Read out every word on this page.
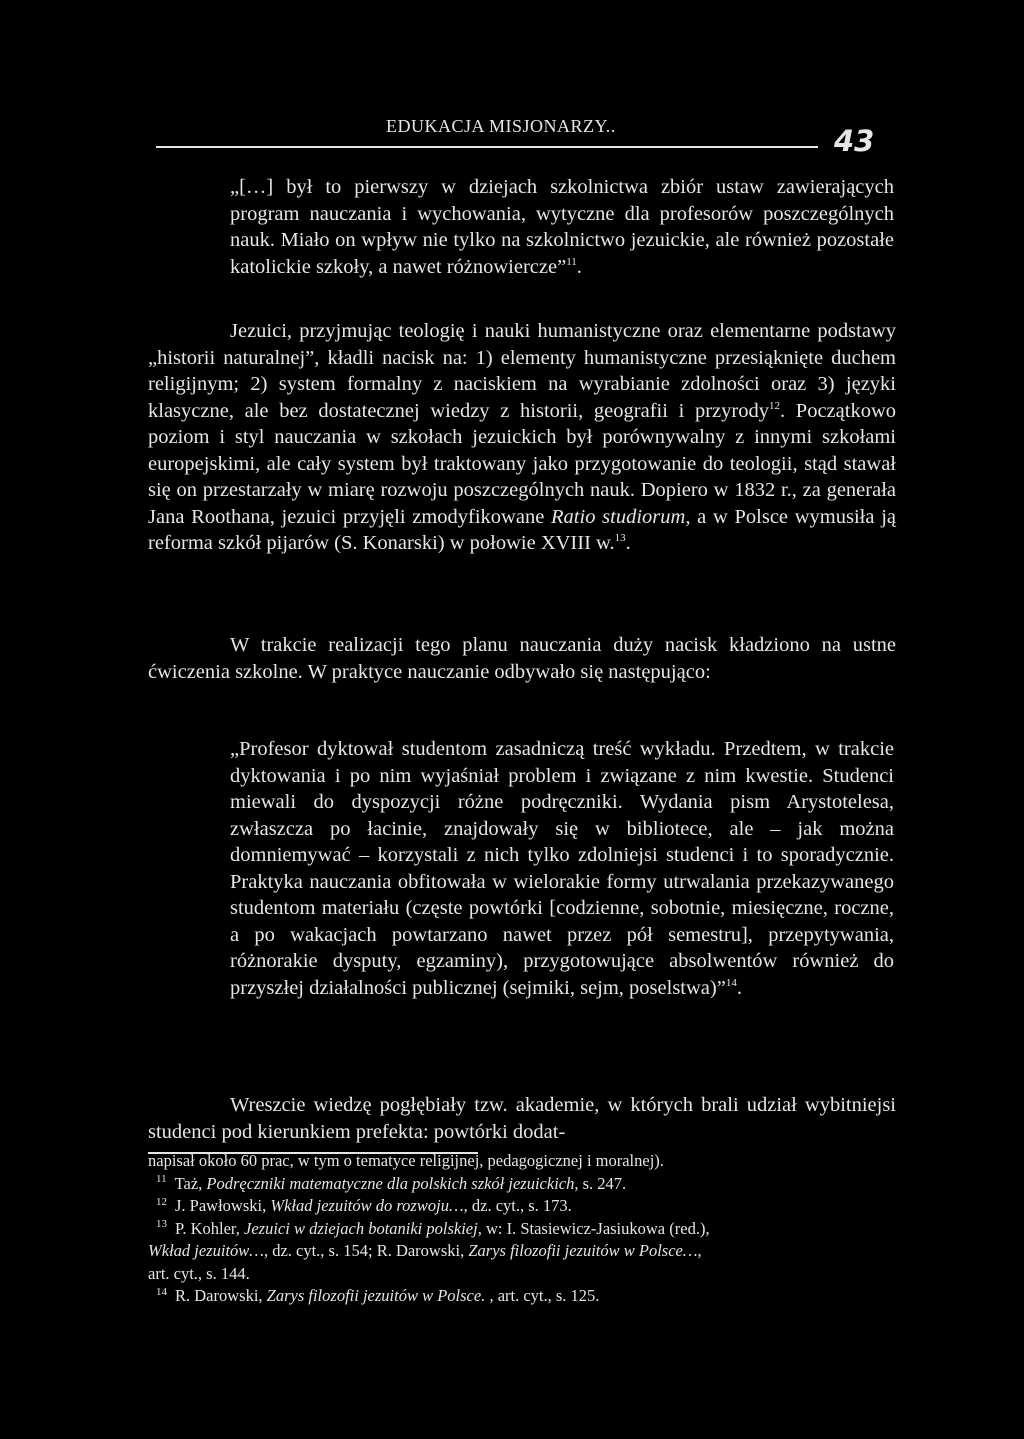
EDUKACJA MISJONARZY..	43

„[…] był to pierwszy w dziejach szkolnictwa zbiór ustaw zawierających program nauczania i wychowania, wytyczne dla profesorów poszczególnych nauk. Miało on wpływ nie tylko na szkolnictwo jezuickie, ale również pozostałe katolickie szkoły, a nawet różnowiercze”$^{11}$.

Jezuici, przyjmując teologię i nauki humanistyczne oraz elementarne podstawy „historii naturalnej”, kładli nacisk na: 1) elementy humanistyczne przesiąknięte duchem religijnym; 2) system formalny z naciskiem na wyrabianie zdolności oraz 3) języki klasyczne, ale bez dostatecznej wiedzy z historii, geografii i przyrody$^{12}$. Początkowo poziom i styl nauczania w szkołach jezuickich był porównywalny z innymi szkołami europejskimi, ale cały system był traktowany jako przygotowanie do teologii, stąd stawał się on przestarzały w miarę rozwoju poszczególnych nauk. Dopiero w 1832 r., za generała Jana Roothana, jezuici przyjęli zmodyfikowane Ratio studiorum, a w Polsce wymusiła ją reforma szkół pijarów (S. Konarski) w połowie XVIII w.$^{13}$.

W trakcie realizacji tego planu nauczania duży nacisk kładziono na ustne ćwiczenia szkolne. W praktyce nauczanie odbywało się następująco:

„Profesor dyktował studentom zasadniczą treść wykładu. Przedtem, w trakcie dyktowania i po nim wyjaśniał problem i związane z nim kwestie. Studenci miewali do dyspozycji różne podręczniki. Wydania pism Arystotelesa, zwłaszcza po łacinie, znajdowały się w bibliotece, ale – jak można domniemywać – korzystali z nich tylko zdolniejsi studenci i to sporadycznie. Praktyka nauczania obfitowała w wielorakie formy utrwalania przekazywanego studentom materiału (częste powtórki [codzienne, sobotnie, miesięczne, roczne, a po wakacjach powtarzano nawet przez pół semestru], przepytywania, różnorakie dysputy, egzaminy), przygotowujące absolwentów również do przyszłej działalności publicznej (sejmiki, sejm, poselstwa)”$^{14}$.

Wreszcie wiedzę pogłębiały tzw. akademie, w których brali udział wybitniejsi studenci pod kierunkiem prefekta: powtórki dodat-

napisał około 60 prac, w tym o tematyce religijnej, pedagogicznej i moralnej).

$^{11}$ Taż, Podręczniki matematyczne dla polskich szkół jezuickich, s. 247.

$^{12}$ J. Pawłowski, Wkład jezuitów do rozwoju…, dz. cyt., s. 173.

$^{13}$ P. Kohler, Jezuici w dziejach botaniki polskiej, w: I. Stasiewicz-Jasiukowa (red.),

Wkład jezuitów…, dz. cyt., s. 154; R. Darowski, Zarys filozofii jezuitów w Polsce…,

art. cyt., s. 144.

$^{14}$ R. Darowski, Zarys filozofii jezuitów w Polsce. , art. cyt., s. 125.
